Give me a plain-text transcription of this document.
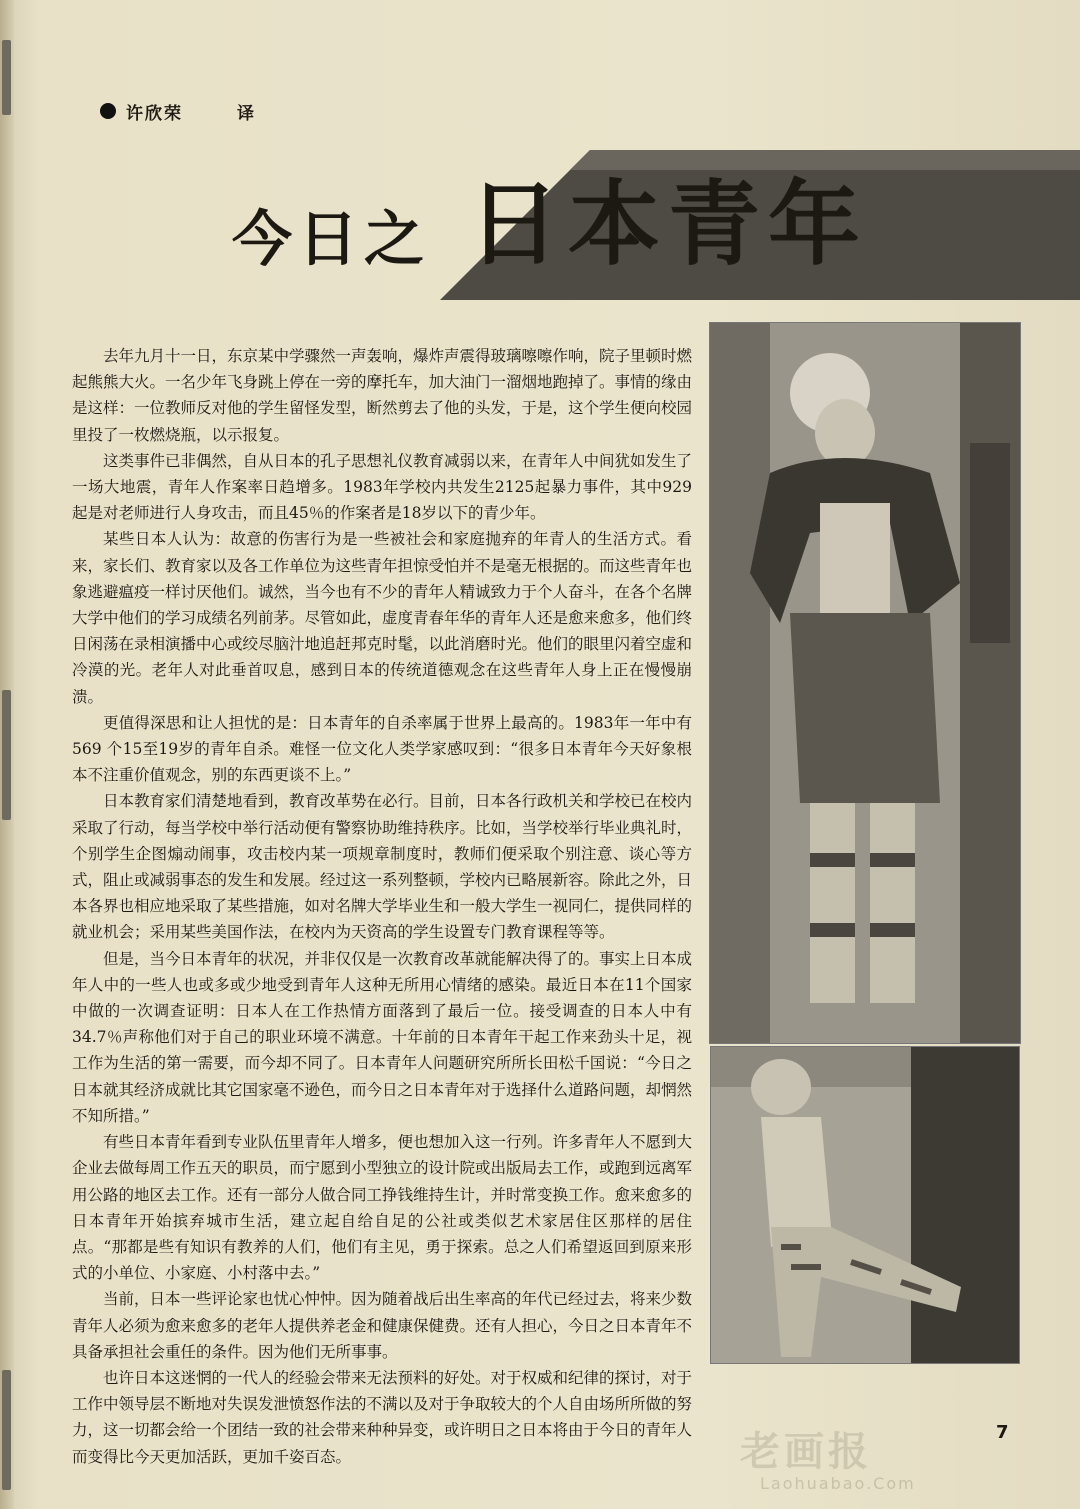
许欣荣	译
今日之 日本青年

去年九月十一日，东京某中学骤然一声轰响，爆炸声震得玻璃嚓嚓作响，院子里顿时燃起熊熊大火。一名少年飞身跳上停在一旁的摩托车，加大油门一溜烟地跑掉了。事情的缘由是这样：一位教师反对他的学生留怪发型，断然剪去了他的头发，于是，这个学生便向校园里投了一枚燃烧瓶，以示报复。

这类事件已非偶然，自从日本的孔子思想礼仪教育减弱以来，在青年人中间犹如发生了一场大地震，青年人作案率日趋增多。1983年学校内共发生2125起暴力事件，其中929 起是对老师进行人身攻击，而且45％的作案者是18岁以下的青少年。

某些日本人认为：故意的伤害行为是一些被社会和家庭抛弃的年青人的生活方式。看来，家长们、教育家以及各工作单位为这些青年担惊受怕并不是毫无根据的。而这些青年也象逃避瘟疫一样讨厌他们。诚然，当今也有不少的青年人精诚致力于个人奋斗，在各个名牌大学中他们的学习成绩名列前茅。尽管如此，虚度青春年华的青年人还是愈来愈多，他们终日闲荡在录相演播中心或绞尽脑汁地追赶邦克时髦，以此消磨时光。他们的眼里闪着空虚和冷漠的光。老年人对此垂首叹息，感到日本的传统道德观念在这些青年人身上正在慢慢崩溃。

更值得深思和让人担忧的是：日本青年的自杀率属于世界上最高的。1983年一年中有569 个15至19岁的青年自杀。难怪一位文化人类学家感叹到：“很多日本青年今天好象根本不注重价值观念，别的东西更谈不上。”

日本教育家们清楚地看到，教育改革势在必行。目前，日本各行政机关和学校已在校内采取了行动，每当学校中举行活动便有警察协助维持秩序。比如，当学校举行毕业典礼时，个别学生企图煽动闹事，攻击校内某一项规章制度时，教师们便采取个别注意、谈心等方式，阻止或减弱事态的发生和发展。经过这一系列整顿，学校内已略展新容。除此之外，日本各界也相应地采取了某些措施，如对名牌大学毕业生和一般大学生一视同仁，提供同样的就业机会；采用某些美国作法，在校内为天资高的学生设置专门教育课程等等。

但是，当今日本青年的状况，并非仅仅是一次教育改革就能解决得了的。事实上日本成年人中的一些人也或多或少地受到青年人这种无所用心情绪的感染。最近日本在11个国家中做的一次调查证明：日本人在工作热情方面落到了最后一位。接受调查的日本人中有34.7％声称他们对于自己的职业环境不满意。十年前的日本青年干起工作来劲头十足，视工作为生活的第一需要，而今却不同了。日本青年人问题研究所所长田松千国说：“今日之日本就其经济成就比其它国家毫不逊色，而今日之日本青年对于选择什么道路问题，却惘然不知所措。”

有些日本青年看到专业队伍里青年人增多，便也想加入这一行列。许多青年人不愿到大企业去做每周工作五天的职员，而宁愿到小型独立的设计院或出版局去工作，或跑到远离军用公路的地区去工作。还有一部分人做合同工挣钱维持生计，并时常变换工作。愈来愈多的日本青年开始摈弃城市生活，建立起自给自足的公社或类似艺术家居住区那样的居住点。“那都是些有知识有教养的人们，他们有主见，勇于探索。总之人们希望返回到原来形式的小单位、小家庭、小村落中去。”

当前，日本一些评论家也忧心忡忡。因为随着战后出生率高的年代已经过去，将来少数青年人必须为愈来愈多的老年人提供养老金和健康保健费。还有人担心，今日之日本青年不具备承担社会重任的条件。因为他们无所事事。

也许日本这迷惘的一代人的经验会带来无法预料的好处。对于权威和纪律的探讨，对于工作中领导层不断地对失误发泄愤怒作法的不满以及对于争取较大的个人自由场所所做的努力，这一切都会给一个团结一致的社会带来种种异变，或许明日之日本将由于今日的青年人而变得比今天更加活跃，更加千姿百态。	老画报
Laohuabao.Com
7
